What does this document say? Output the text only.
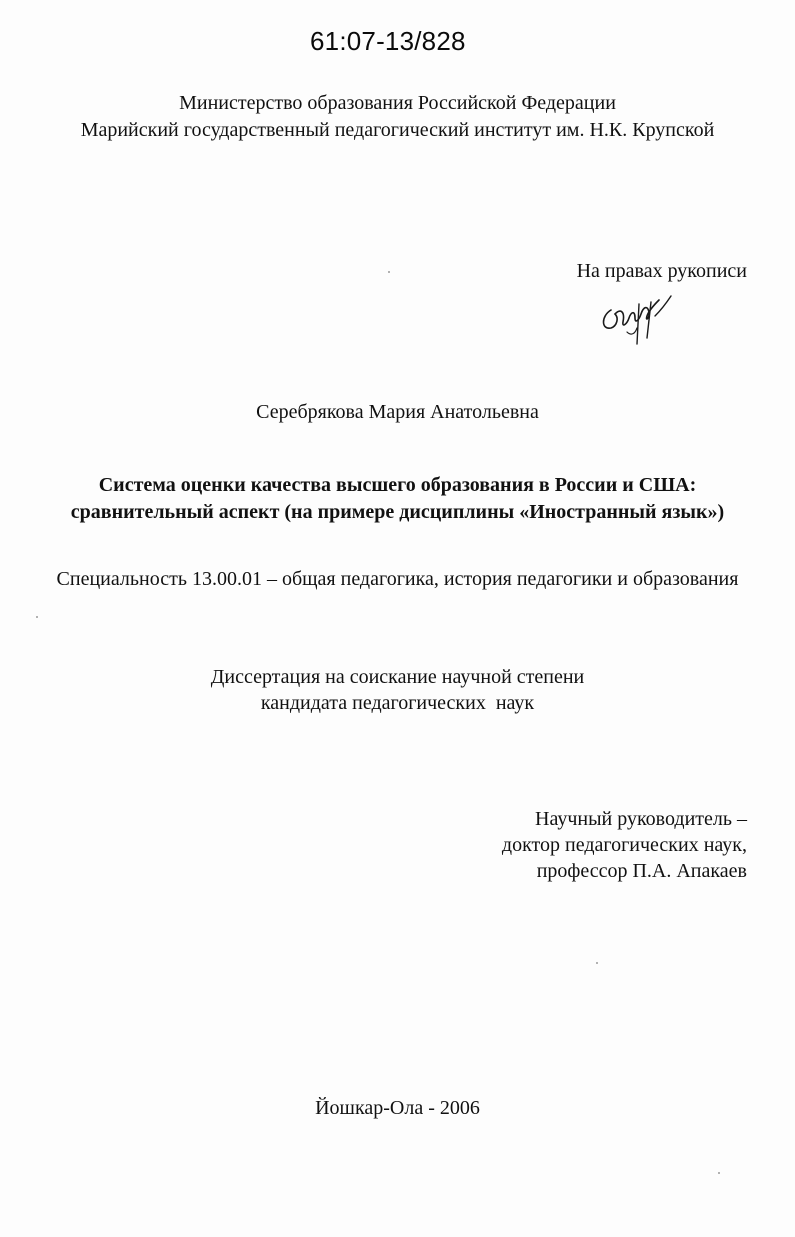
61:07-13/828
Министерство образования Российской Федерации
Марийский государственный педагогический институт им. Н.К. Крупской
На правах рукописи
Серебрякова Мария Анатольевна
Система оценки качества высшего образования в России и США:
сравнительный аспект (на примере дисциплины «Иностранный язык»)
Специальность 13.00.01 – общая педагогика, история педагогики и образования
Диссертация на соискание научной степени
кандидата педагогических  наук
Научный руководитель –
доктор педагогических наук,
профессор П.А. Апакаев
Йошкар-Ола - 2006
